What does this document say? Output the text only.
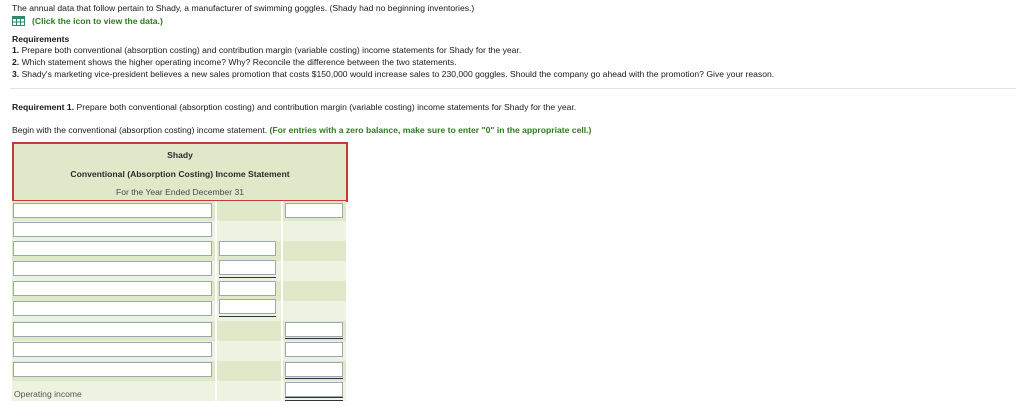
The annual data that follow pertain to Shady, a manufacturer of swimming goggles. (Shady had no beginning inventories.)
(Click the icon to view the data.)
Requirements
1. Prepare both conventional (absorption costing) and contribution margin (variable costing) income statements for Shady for the year.
2. Which statement shows the higher operating income? Why? Reconcile the difference between the two statements.
3. Shady's marketing vice-president believes a new sales promotion that costs $150,000 would increase sales to 230,000 goggles. Should the company go ahead with the promotion? Give your reason.
Requirement 1. Prepare both conventional (absorption costing) and contribution margin (variable costing) income statements for Shady for the year.
Begin with the conventional (absorption costing) income statement. (For entries with a zero balance, make sure to enter "0" in the appropriate cell.)
Shady
Conventional (Absorption Costing) Income Statement
For the Year Ended December 31
Operating income
